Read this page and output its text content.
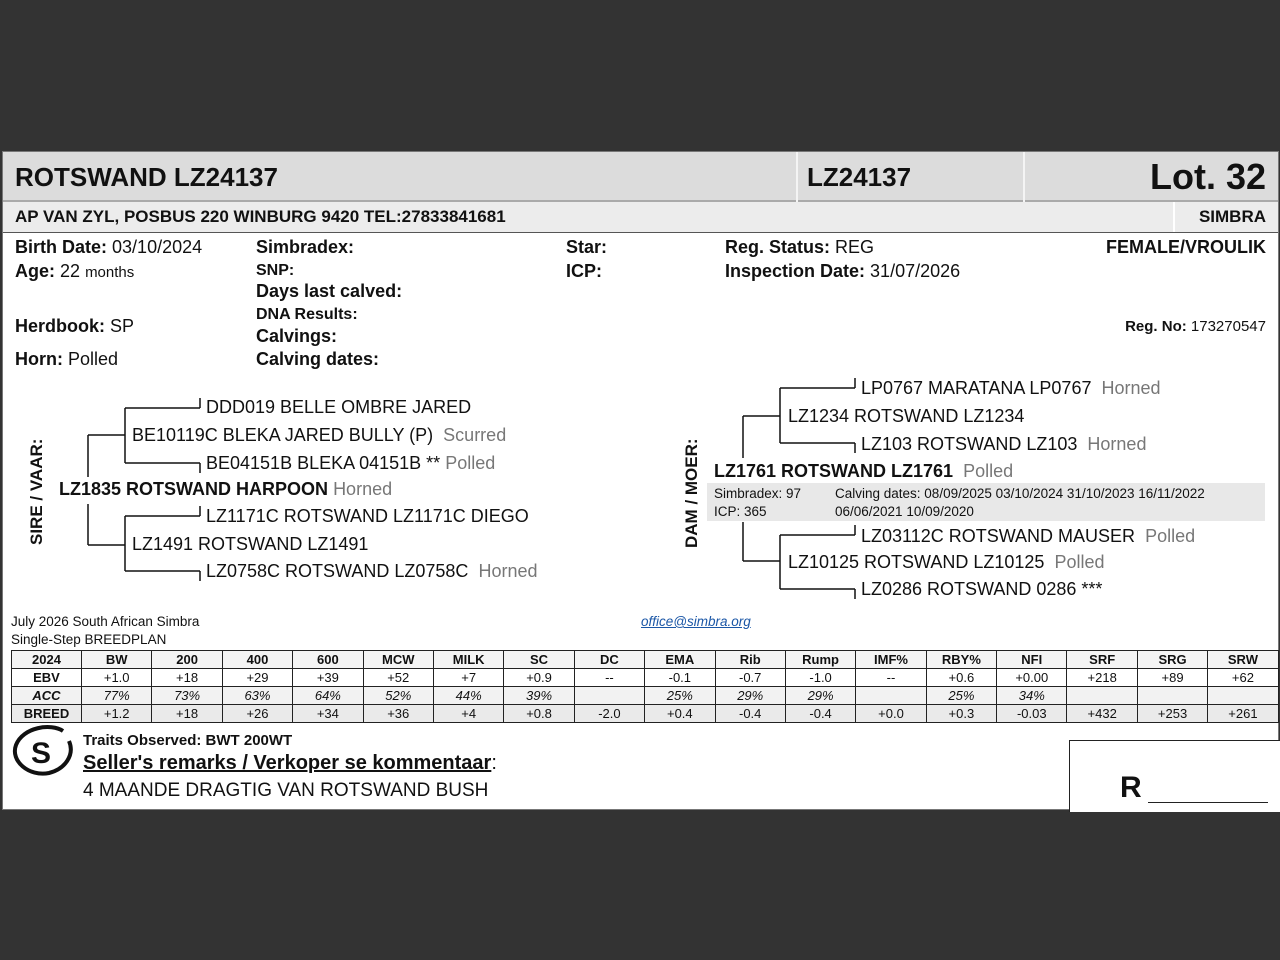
ROTSWAND LZ24137	LZ24137	Lot. 32
AP VAN ZYL, POSBUS 220 WINBURG 9420 TEL:27833841681	SIMBRA
Birth Date: 03/10/2024
Age: 22 months
Herdbook: SP
Horn: Polled
Simbradex:
SNP:
Days last calved:
DNA Results:
Calvings:
Calving dates:
Star:
ICP:
Reg. Status: REG
Inspection Date: 31/07/2026
FEMALE/VROULIK
Reg. No: 173270547
SIRE / VAAR:
DDD019 BELLE OMBRE JARED
BE10119C BLEKA JARED BULLY (P) Scurred
BE04151B BLEKA 04151B ** Polled
LZ1835 ROTSWAND HARPOON Horned
LZ1171C ROTSWAND LZ1171C DIEGO
LZ1491 ROTSWAND LZ1491
LZ0758C ROTSWAND LZ0758C Horned
DAM / MOER:
LP0767 MARATANA LP0767 Horned
LZ1234 ROTSWAND LZ1234
LZ103 ROTSWAND LZ103 Horned
LZ1761 ROTSWAND LZ1761 Polled
Simbradex: 97
ICP: 365
Calving dates: 08/09/2025 03/10/2024 31/10/2023 16/11/2022
06/06/2021 10/09/2020
LZ03112C ROTSWAND MAUSER Polled
LZ10125 ROTSWAND LZ10125 Polled
LZ0286 ROTSWAND 0286 ***
July 2026 South African Simbra
Single-Step BREEDPLAN
office@simbra.org
2024	BW	200	400	600	MCW	MILK	SC	DC	EMA	Rib	Rump	IMF%	RBY%	NFI	SRF	SRG	SRW
EBV	+1.0	+18	+29	+39	+52	+7	+0.9	--	-0.1	-0.7	-1.0	--	+0.6	+0.00	+218	+89	+62
ACC	77%	73%	63%	64%	52%	44%	39%		25%	29%	29%		25%	34%			
BREED	+1.2	+18	+26	+34	+36	+4	+0.8	-2.0	+0.4	-0.4	-0.4	+0.0	+0.3	-0.03	+432	+253	+261
S Traits Observed: BWT 200WT
Seller's remarks / Verkoper se kommentaar:
4 MAANDE DRAGTIG VAN ROTSWAND BUSH	R
